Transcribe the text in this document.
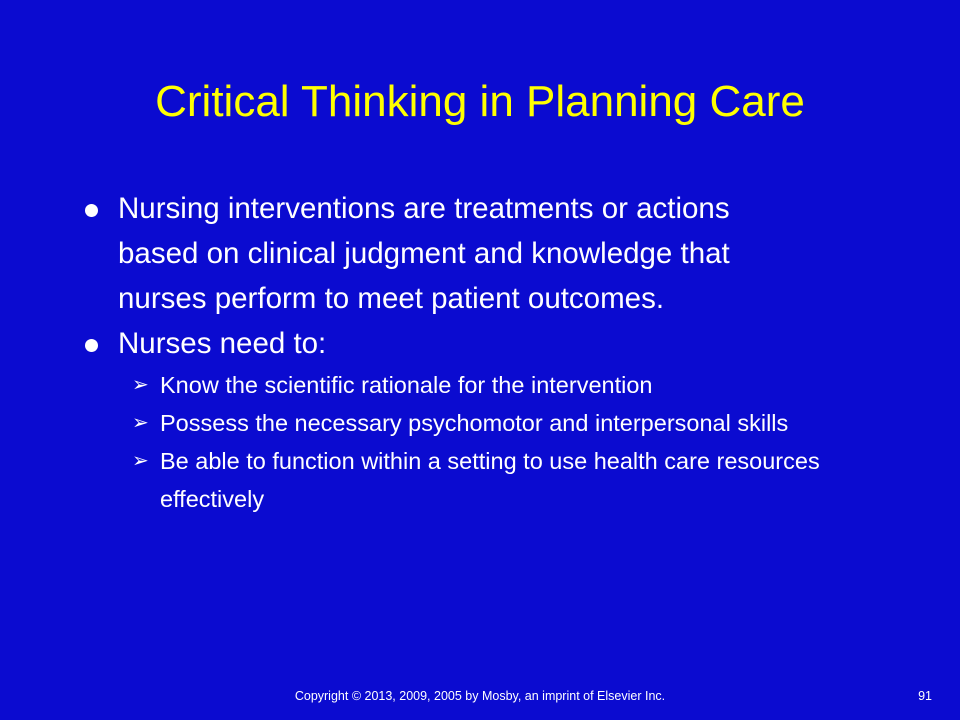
Critical Thinking in Planning Care
Nursing interventions are treatments or actions based on clinical judgment and knowledge that nurses perform to meet patient outcomes.
Nurses need to:
➢ Know the scientific rationale for the intervention
➢ Possess the necessary psychomotor and interpersonal skills
➢ Be able to function within a setting to use health care resources effectively
Copyright © 2013, 2009, 2005 by Mosby, an imprint of Elsevier Inc.	91
